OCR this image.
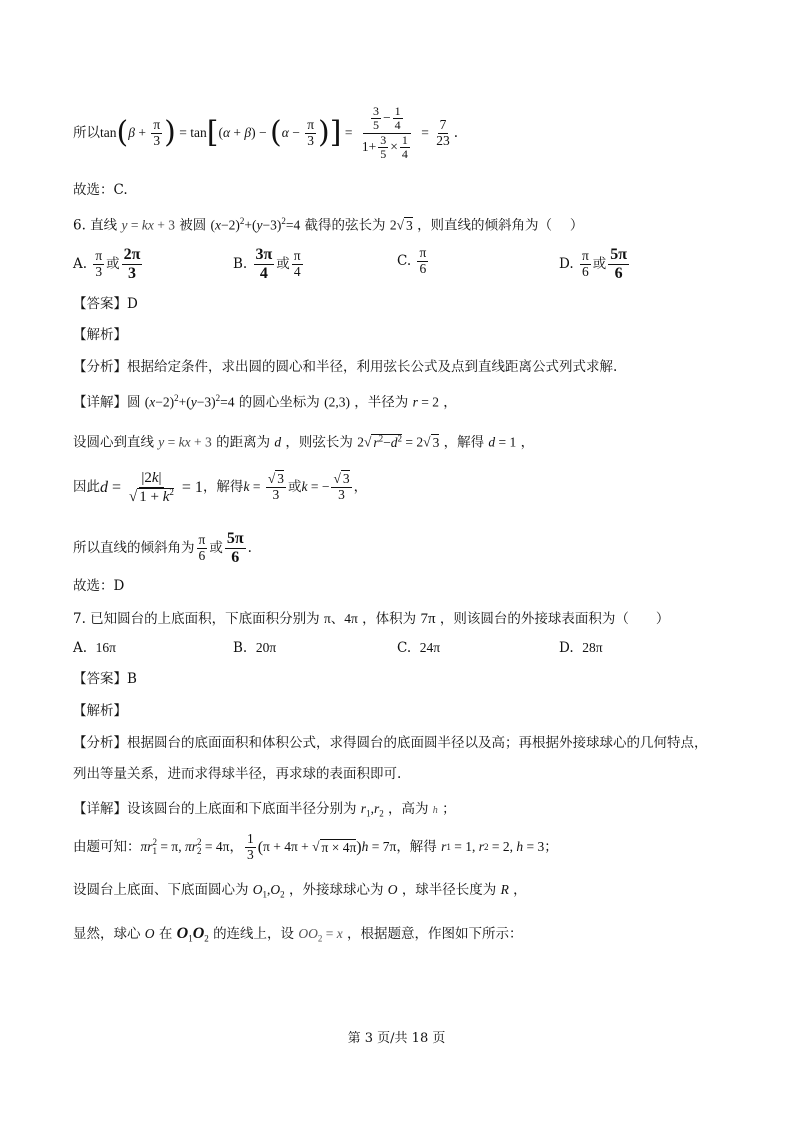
所以 tan ( $\beta + \frac{\pi}{3}$ ) = tan [ ( α + β ) − ( $\alpha - \frac{\pi}{3}$ ) ] = $\frac{\frac{3}{5} - \frac{1}{4}}{1+ \frac{3}{5} \times \frac{1}{4}} = \frac{7}{23}$ .
故选：C.
6. 直线 y = kx + 3 被圆 $(x-2)^2+(y-3)^2=4$ 截得的弦长为 2√ 3 ，则直线的倾斜角为（　 ）
A.
$\frac{\pi}{3}$ 或 $\frac{2\pi}{3}$	B.
$\frac{3\pi}{4}$ 或 $\frac{\pi}{4}$	C.
$\frac{\pi}{6}$	D.
$\frac{\pi}{6}$ 或 $\frac{5\pi}{6}$
【答案】D
【解析】
【分析】根据给定条件，求出圆的圆心和半径，利用弦长公式及点到直线距离公式列式求解.
【详解】圆 $(x-2)^2+(y-3)^2=4$ 的圆心坐标为 (2,3) ，半径为 r = 2 ，
设圆心到直线 y = kx + 3 的距离为 d ，则弦长为 2√ $r^2-d^2 = 2√$ 3 ，解得 d = 1 ，
因此 $d = \frac{|2k|}{√ 1 + k^2} = 1$ ，解得 $k = \frac{√ 3}{3}$ 或 k = − $\frac{√ 3}{3}$ ，
所以直线的倾斜角为 $\frac{\pi}{6}$ 或 $\frac{5\pi}{6}$ .
故选：D
7. 已知圆台的上底面积，下底面积分别为 π、4π ，体积为 7π ，则该圆台的外接球表面积为（　　）
A. 16π	B. 20π	C. 24π	D. 28π
【答案】B
【解析】
【分析】根据圆台的底面面积和体积公式，求得圆台的底面圆半径以及高；再根据外接球球心的几何特点，
列出等量关系，进而求得球半径，再求球的表面积即可.
【详解】设该圆台的上底面和下底面半径分别为 $r_1,r_2$ ，高为 h ；
由题可知： πr 2
1 = π, πr 2
2 = 4π ， $\frac{1}{3}$ ( π + 4π + √ π × 4π ) h = 7π ，解得
r 1 = 1, r 2 = 2, h = 3 ；
设圆台上底面、下底面圆心为 $O_1,O_2$ ，外接球球心为 O ，球半径长度为 R ，
显然，球心 O 在 $O_1O_2$ 的连线上，设 $OO_2 = x$ ，根据题意，作图如下所示：
第 3 页/共 18 页
